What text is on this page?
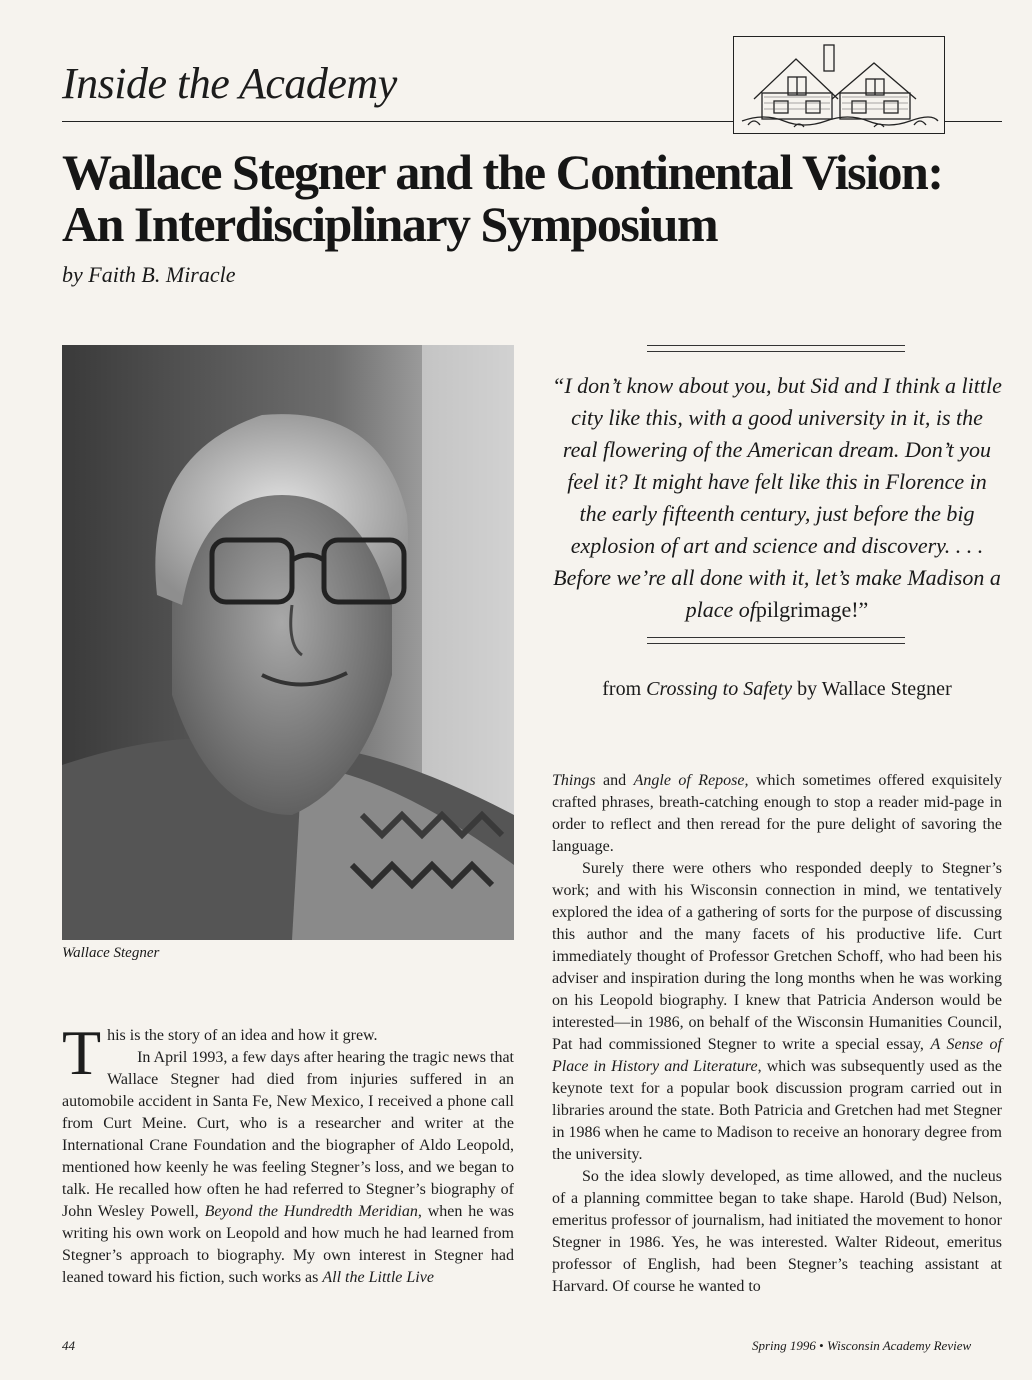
Inside the Academy
Wallace Stegner and the Continental Vision:
An Interdisciplinary Symposium
by Faith B. Miracle
Wallace Stegner

This is the story of an idea and how it grew.

In April 1993, a few days after hearing the tragic news that Wallace Stegner had died from injuries suffered in an automobile accident in Santa Fe, New Mexico, I received a phone call from Curt Meine. Curt, who is a researcher and writer at the International Crane Foundation and the biographer of Aldo Leopold, mentioned how keenly he was feeling Stegner’s loss, and we began to talk. He recalled how often he had referred to Stegner’s biography of John Wesley Powell, Beyond the Hundredth Meridian, when he was writing his own work on Leopold and how much he had learned from Stegner’s approach to biography. My own interest in Stegner had leaned toward his fiction, such works as All the Little Live

“I don’t know about you, but Sid and I think a little city like this, with a good university in it, is the real flowering of the American dream. Don’t you feel it? It might have felt like this in Florence in the early fifteenth century, just before the big explosion of art and science and discovery. . . . Before we’re all done with it, let’s make Madison a place ofpilgrimage!”
from Crossing to Safety by Wallace Stegner

Things and Angle of Repose, which sometimes offered exquisitely crafted phrases, breath-catching enough to stop a reader mid-page in order to reflect and then reread for the pure delight of savoring the language.

Surely there were others who responded deeply to Stegner’s work; and with his Wisconsin connection in mind, we tentatively explored the idea of a gathering of sorts for the purpose of discussing this author and the many facets of his productive life. Curt immediately thought of Professor Gretchen Schoff, who had been his adviser and inspiration during the long months when he was working on his Leopold biography. I knew that Patricia Anderson would be interested—in 1986, on behalf of the Wisconsin Humanities Council, Pat had commissioned Stegner to write a special essay, A Sense of Place in History and Literature, which was subsequently used as the keynote text for a popular book discussion program carried out in libraries around the state. Both Patricia and Gretchen had met Stegner in 1986 when he came to Madison to receive an honorary degree from the university.

So the idea slowly developed, as time allowed, and the nucleus of a planning committee began to take shape. Harold (Bud) Nelson, emeritus professor of journalism, had initiated the movement to honor Stegner in 1986. Yes, he was interested. Walter Rideout, emeritus professor of English, had been Stegner’s teaching assistant at Harvard. Of course he wanted to

44	Spring 1996 • Wisconsin Academy Review
